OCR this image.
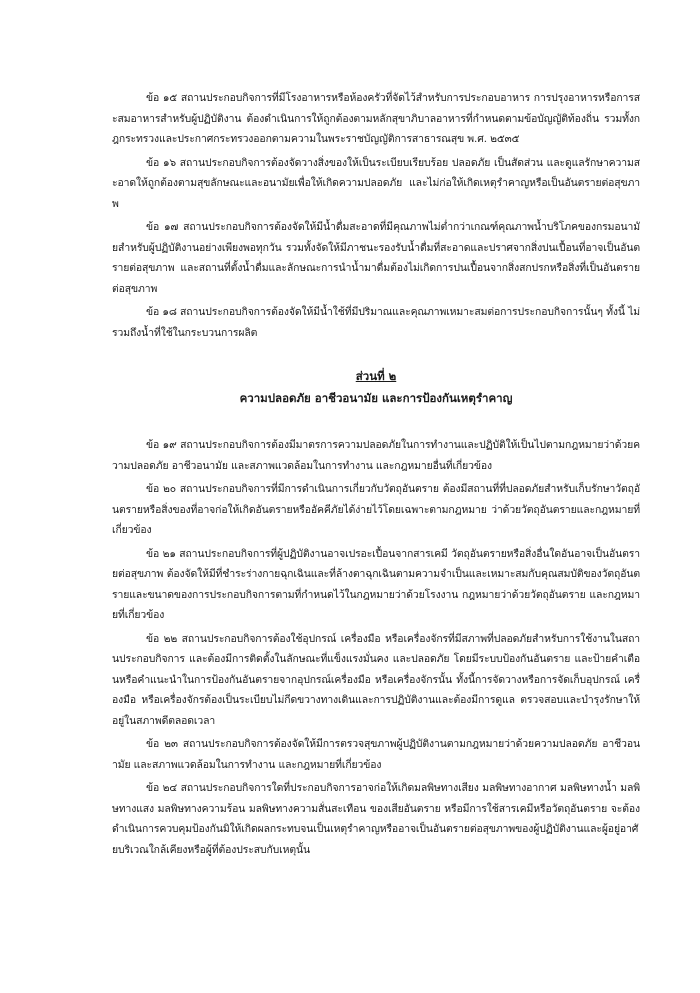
ข้อ ๑๕ สถานประกอบกิจการที่มีโรงอาหารหรือห้องครัวที่จัดไว้สำหรับการประกอบอาหาร การปรุงอาหารหรือการสะสมอาหารสำหรับผู้ปฏิบัติงาน ต้องดำเนินการให้ถูกต้องตามหลักสุขาภิบาลอาหารที่กำหนดตามข้อบัญญัติท้องถิ่น รวมทั้งกฎกระทรวงและประกาศกระทรวงออกตามความในพระราชบัญญัติการสาธารณสุข พ.ศ. ๒๕๓๕

ข้อ ๑๖ สถานประกอบกิจการต้องจัดวางสิ่งของให้เป็นระเบียบเรียบร้อย ปลอดภัย เป็นสัดส่วน และดูแลรักษาความสะอาดให้ถูกต้องตามสุขลักษณะและอนามัยเพื่อให้เกิดความปลอดภัย และไม่ก่อให้เกิดเหตุรำคาญหรือเป็นอันตรายต่อสุขภาพ

ข้อ ๑๗ สถานประกอบกิจการต้องจัดให้มีน้ำดื่มสะอาดที่มีคุณภาพไม่ต่ำกว่าเกณฑ์คุณภาพน้ำบริโภคของกรมอนามัยสำหรับผู้ปฏิบัติงานอย่างเพียงพอทุกวัน รวมทั้งจัดให้มีภาชนะรองรับน้ำดื่มที่สะอาดและปราศจากสิ่งปนเปื้อนที่อาจเป็นอันตรายต่อสุขภาพ และสถานที่ตั้งน้ำดื่มและลักษณะการนำน้ำมาดื่มต้องไม่เกิดการปนเปื้อนจากสิ่งสกปรกหรือสิ่งที่เป็นอันตรายต่อสุขภาพ

ข้อ ๑๘ สถานประกอบกิจการต้องจัดให้มีน้ำใช้ที่มีปริมาณและคุณภาพเหมาะสมต่อการประกอบกิจการนั้นๆ ทั้งนี้ ไม่รวมถึงน้ำที่ใช้ในกระบวนการผลิต

ส่วนที่ ๒
ความปลอดภัย อาชีวอนามัย และการป้องกันเหตุรำคาญ

ข้อ ๑๙ สถานประกอบกิจการต้องมีมาตรการความปลอดภัยในการทำงานและปฏิบัติให้เป็นไปตามกฎหมายว่าด้วยความปลอดภัย อาชีวอนามัย และสภาพแวดล้อมในการทำงาน และกฎหมายอื่นที่เกี่ยวข้อง

ข้อ ๒๐ สถานประกอบกิจการที่มีการดำเนินการเกี่ยวกับวัตถุอันตราย ต้องมีสถานที่ที่ปลอดภัยสำหรับเก็บรักษาวัตถุอันตรายหรือสิ่งของที่อาจก่อให้เกิดอันตรายหรืออัคคีภัยได้ง่ายไว้โดยเฉพาะตามกฎหมาย ว่าด้วยวัตถุอันตรายและกฎหมายที่เกี่ยวข้อง

ข้อ ๒๑ สถานประกอบกิจการที่ผู้ปฏิบัติงานอาจเปรอะเปื้อนจากสารเคมี วัตถุอันตรายหรือสิ่งอื่นใดอันอาจเป็นอันตรายต่อสุขภาพ ต้องจัดให้มีที่ชำระร่างกายฉุกเฉินและที่ล้างตาฉุกเฉินตามความจำเป็นและเหมาะสมกับคุณสมบัติของวัตถุอันตรายและขนาดของการประกอบกิจการตามที่กำหนดไว้ในกฎหมายว่าด้วยโรงงาน กฎหมายว่าด้วยวัตถุอันตราย และกฎหมายที่เกี่ยวข้อง

ข้อ ๒๒ สถานประกอบกิจการต้องใช้อุปกรณ์ เครื่องมือ หรือเครื่องจักรที่มีสภาพที่ปลอดภัยสำหรับการใช้งานในสถานประกอบกิจการ และต้องมีการติดตั้งในลักษณะที่แข็งแรงมั่นคง และปลอดภัย โดยมีระบบป้องกันอันตราย และป้ายคำเตือนหรือคำแนะนำในการป้องกันอันตรายจากอุปกรณ์เครื่องมือ หรือเครื่องจักรนั้น ทั้งนี้การจัดวางหรือการจัดเก็บอุปกรณ์ เครื่องมือ หรือเครื่องจักรต้องเป็นระเบียบไม่กีดขวางทางเดินและการปฏิบัติงานและต้องมีการดูแล ตรวจสอบและบำรุงรักษาให้อยู่ในสภาพดีตลอดเวลา

ข้อ ๒๓ สถานประกอบกิจการต้องจัดให้มีการตรวจสุขภาพผู้ปฏิบัติงานตามกฎหมายว่าด้วยความปลอดภัย อาชีวอนามัย และสภาพแวดล้อมในการทำงาน และกฎหมายที่เกี่ยวข้อง

ข้อ ๒๔ สถานประกอบกิจการใดที่ประกอบกิจการอาจก่อให้เกิดมลพิษทางเสียง มลพิษทางอากาศ มลพิษทางน้ำ มลพิษทางแสง มลพิษทางความร้อน มลพิษทางความสั่นสะเทือน ของเสียอันตราย หรือมีการใช้สารเคมีหรือวัตถุอันตราย จะต้องดำเนินการควบคุมป้องกันมิให้เกิดผลกระทบจนเป็นเหตุรำคาญหรืออาจเป็นอันตรายต่อสุขภาพของผู้ปฏิบัติงานและผู้อยู่อาศัยบริเวณใกล้เคียงหรือผู้ที่ต้องประสบกับเหตุนั้น
